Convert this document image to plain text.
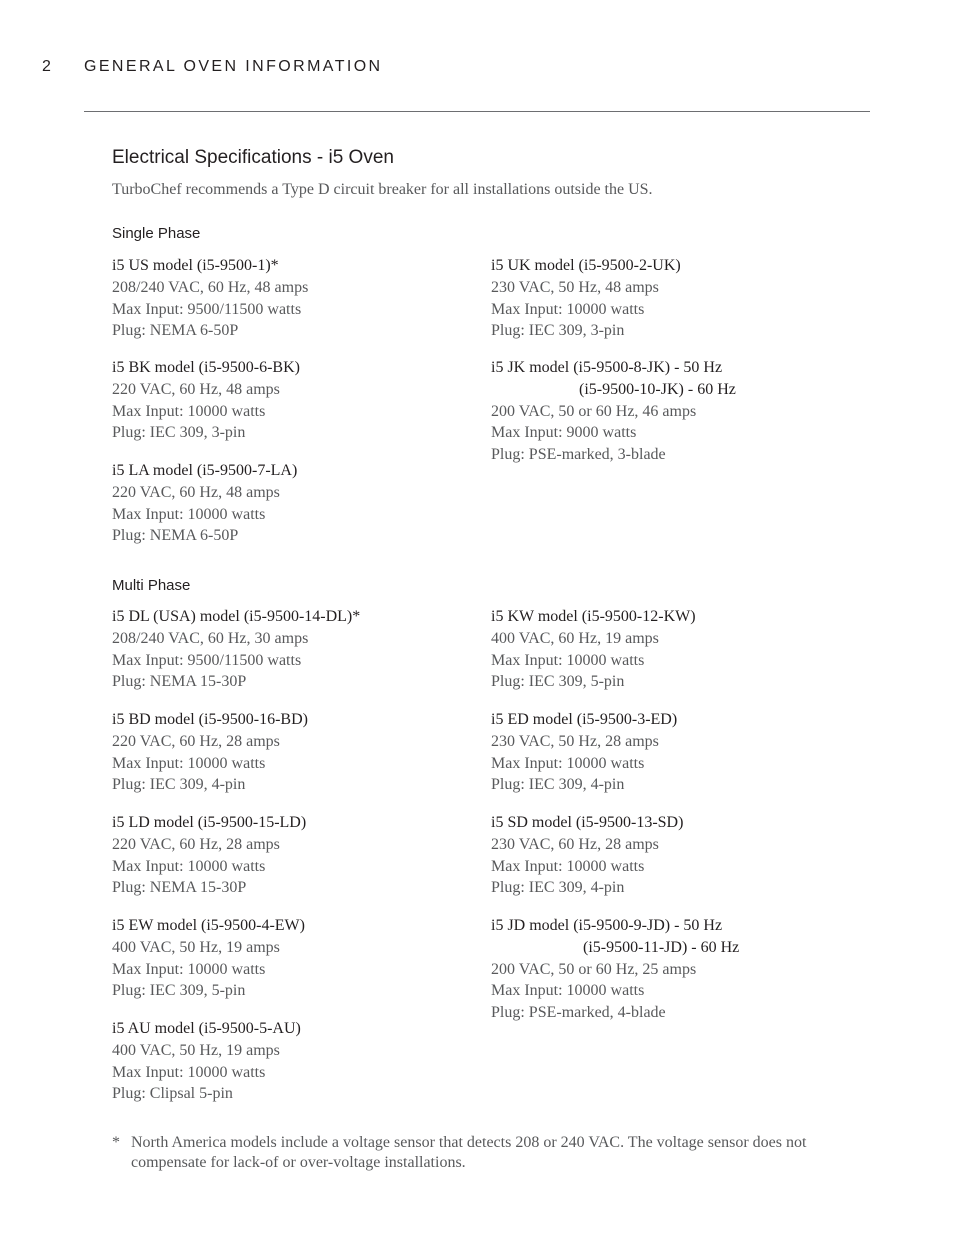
2 GENERAL OVEN INFORMATION
Electrical Specifications - i5 Oven
TurboChef recommends a Type D circuit breaker for all installations outside the US.
Single Phase
i5 US model (i5-9500-1)*
208/240 VAC, 60 Hz, 48 amps
Max Input: 9500/11500 watts
Plug: NEMA 6-50P
i5 UK model (i5-9500-2-UK)
230 VAC, 50 Hz, 48 amps
Max Input: 10000 watts
Plug: IEC 309, 3-pin
i5 BK model (i5-9500-6-BK)
220 VAC, 60 Hz, 48 amps
Max Input: 10000 watts
Plug: IEC 309, 3-pin
i5 JK model (i5-9500-8-JK) - 50 Hz
(i5-9500-10-JK) - 60 Hz
200 VAC, 50 or 60 Hz, 46 amps
Max Input: 9000 watts
Plug: PSE-marked, 3-blade
i5 LA model (i5-9500-7-LA)
220 VAC, 60 Hz, 48 amps
Max Input: 10000 watts
Plug: NEMA 6-50P
Multi Phase
i5 DL (USA) model (i5-9500-14-DL)*
208/240 VAC, 60 Hz, 30 amps
Max Input: 9500/11500 watts
Plug: NEMA 15-30P
i5 KW model (i5-9500-12-KW)
400 VAC, 60 Hz, 19 amps
Max Input: 10000 watts
Plug: IEC 309, 5-pin
i5 BD model (i5-9500-16-BD)
220 VAC, 60 Hz, 28 amps
Max Input: 10000 watts
Plug: IEC 309, 4-pin
i5 ED model (i5-9500-3-ED)
230 VAC, 50 Hz, 28 amps
Max Input: 10000 watts
Plug: IEC 309, 4-pin
i5 LD model (i5-9500-15-LD)
220 VAC, 60 Hz, 28 amps
Max Input: 10000 watts
Plug: NEMA 15-30P
i5 SD model (i5-9500-13-SD)
230 VAC, 60 Hz, 28 amps
Max Input: 10000 watts
Plug: IEC 309, 4-pin
i5 EW model (i5-9500-4-EW)
400 VAC, 50 Hz, 19 amps
Max Input: 10000 watts
Plug: IEC 309, 5-pin
i5 JD model (i5-9500-9-JD) - 50 Hz
(i5-9500-11-JD) - 60 Hz
200 VAC, 50 or 60 Hz, 25 amps
Max Input: 10000 watts
Plug: PSE-marked, 4-blade
i5 AU model (i5-9500-5-AU)
400 VAC, 50 Hz, 19 amps
Max Input: 10000 watts
Plug: Clipsal 5-pin
* North America models include a voltage sensor that detects 208 or 240 VAC. The voltage sensor does not compensate for lack-of or over-voltage installations.
